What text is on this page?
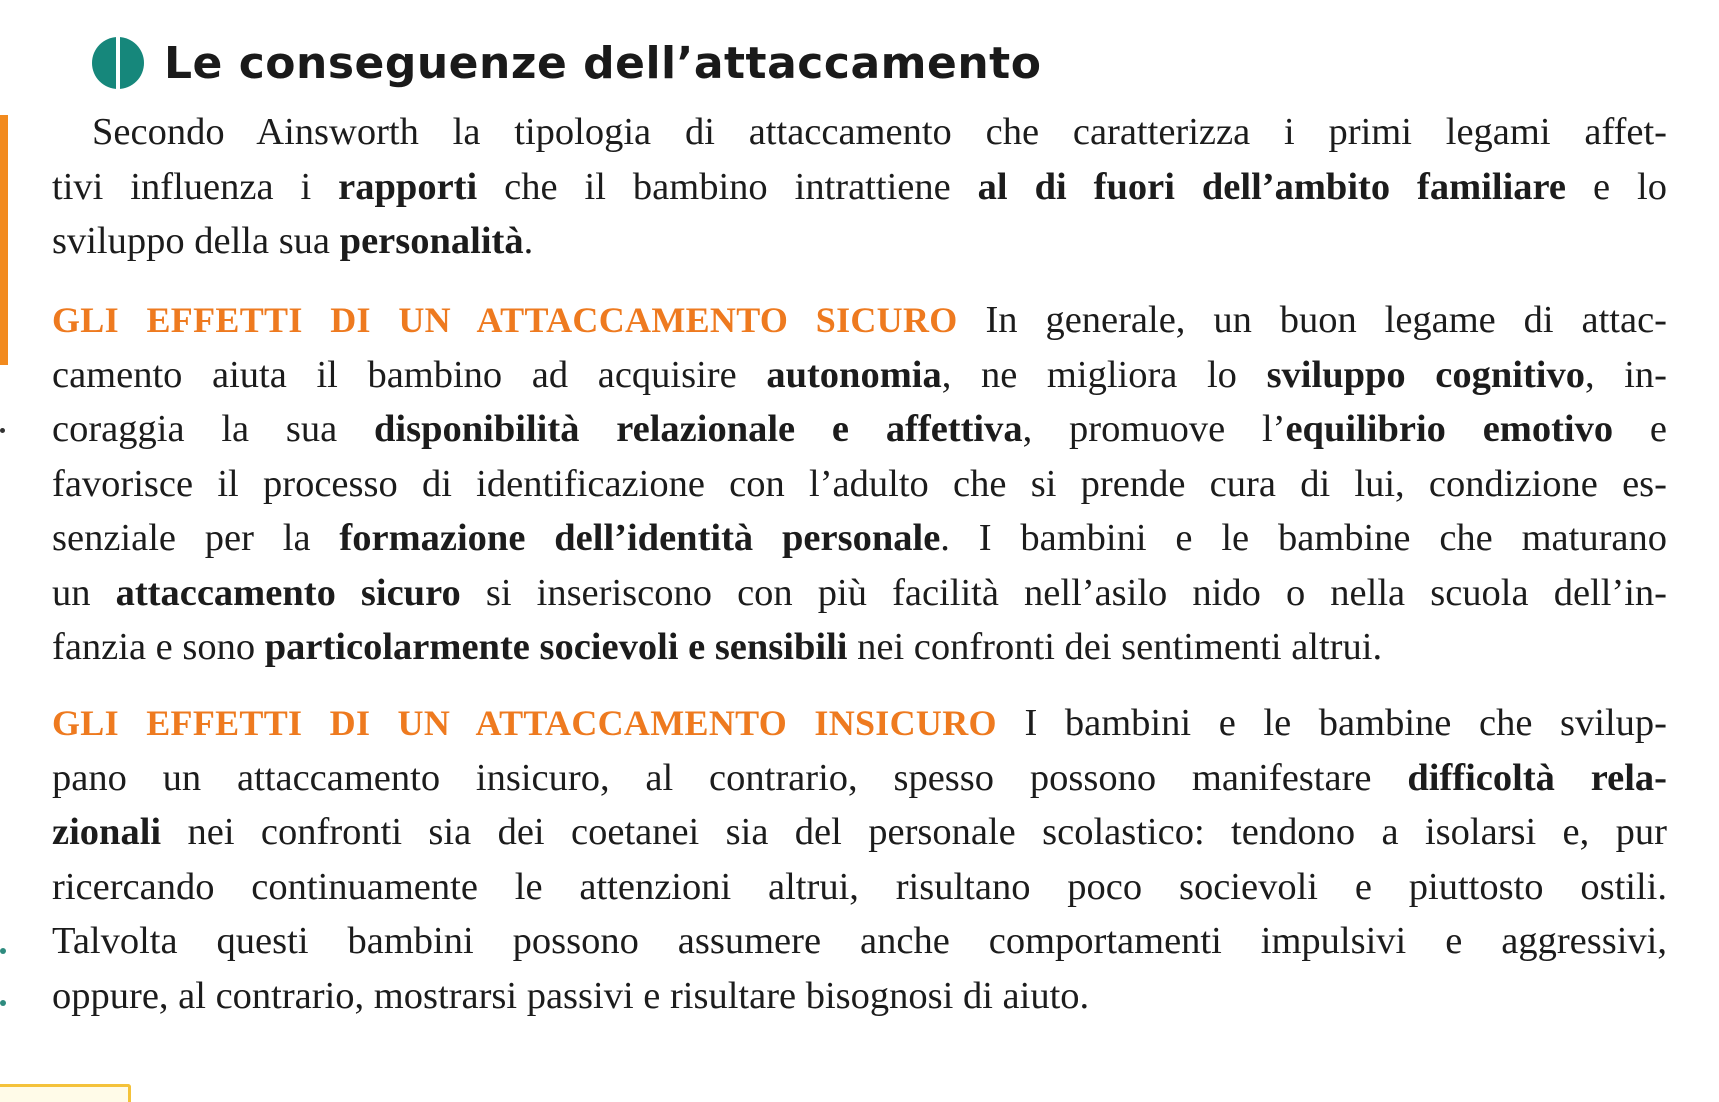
Le conseguenze dell’attaccamento
Secondo Ainsworth la tipologia di attaccamento che caratterizza i primi legami affet-
tivi influenza i rapporti che il bambino intrattiene al di fuori dell’ambito familiare e lo
sviluppo della sua personalità.
GLI EFFETTI DI UN ATTACCAMENTO SICURO In generale, un buon legame di attac-
camento aiuta il bambino ad acquisire autonomia, ne migliora lo sviluppo cognitivo, in-
coraggia la sua disponibilità relazionale e affettiva, promuove l’equilibrio emotivo e
favorisce il processo di identificazione con l’adulto che si prende cura di lui, condizione es-
senziale per la formazione dell’identità personale. I bambini e le bambine che maturano
un attaccamento sicuro si inseriscono con più facilità nell’asilo nido o nella scuola dell’in-
fanzia e sono particolarmente socievoli e sensibili nei confronti dei sentimenti altrui.
GLI EFFETTI DI UN ATTACCAMENTO INSICURO I bambini e le bambine che svilup-
pano un attaccamento insicuro, al contrario, spesso possono manifestare difficoltà rela-
zionali nei confronti sia dei coetanei sia del personale scolastico: tendono a isolarsi e, pur
ricercando continuamente le attenzioni altrui, risultano poco socievoli e piuttosto ostili.
Talvolta questi bambini possono assumere anche comportamenti impulsivi e aggressivi,
oppure, al contrario, mostrarsi passivi e risultare bisognosi di aiuto.
